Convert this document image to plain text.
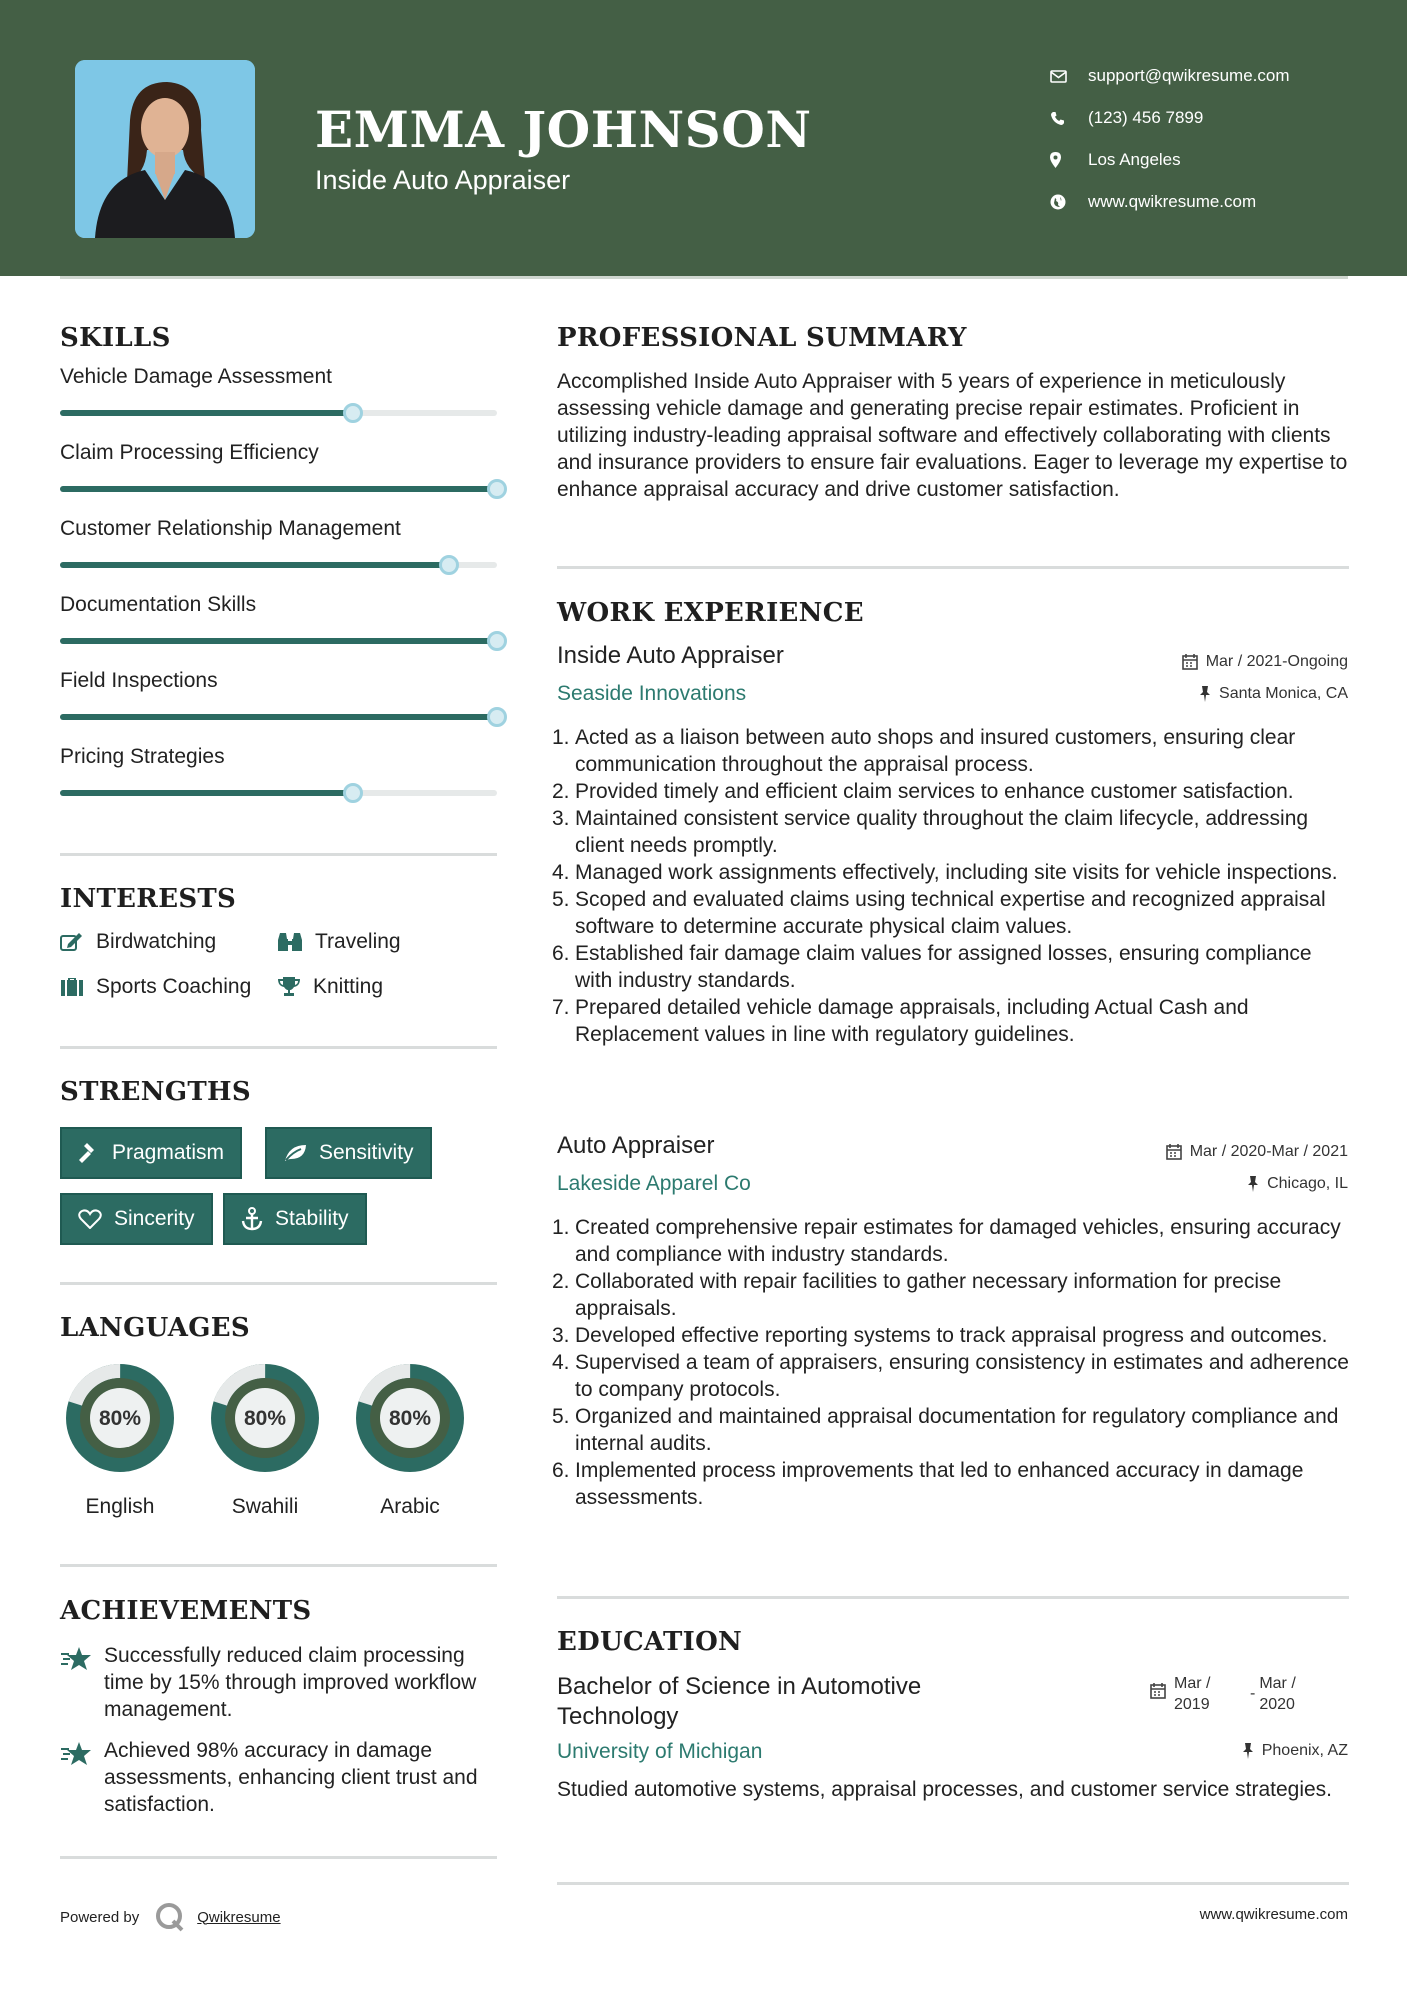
EMMA JOHNSON
Inside Auto Appraiser
support@qwikresume.com
(123) 456 7899
Los Angeles
www.qwikresume.com
SKILLS
Vehicle Damage Assessment
Claim Processing Efficiency
Customer Relationship Management
Documentation Skills
Field Inspections
Pricing Strategies
INTERESTS
Birdwatching	Traveling
Sports Coaching	Knitting
STRENGTHS
Pragmatism	Sensitivity
Sincerity	Stability
LANGUAGES
80%
English
80%
Swahili
80%
Arabic
ACHIEVEMENTS
Successfully reduced claim processing time by 15% through improved workflow management.
Achieved 98% accuracy in damage assessments, enhancing client trust and satisfaction.
Powered by	Qwikresume
PROFESSIONAL SUMMARY
Accomplished Inside Auto Appraiser with 5 years of experience in meticulously assessing vehicle damage and generating precise repair estimates. Proficient in utilizing industry-leading appraisal software and effectively collaborating with clients and insurance providers to ensure fair evaluations. Eager to leverage my expertise to enhance appraisal accuracy and drive customer satisfaction.
WORK EXPERIENCE
Inside Auto Appraiser	Mar / 2021-Ongoing
Seaside Innovations	Santa Monica, CA
1. Acted as a liaison between auto shops and insured customers, ensuring clear communication throughout the appraisal process.
2. Provided timely and efficient claim services to enhance customer satisfaction.
3. Maintained consistent service quality throughout the claim lifecycle, addressing client needs promptly.
4. Managed work assignments effectively, including site visits for vehicle inspections.
5. Scoped and evaluated claims using technical expertise and recognized appraisal software to determine accurate physical claim values.
6. Established fair damage claim values for assigned losses, ensuring compliance with industry standards.
7. Prepared detailed vehicle damage appraisals, including Actual Cash and Replacement values in line with regulatory guidelines.
Auto Appraiser	Mar / 2020-Mar / 2021
Lakeside Apparel Co	Chicago, IL
1. Created comprehensive repair estimates for damaged vehicles, ensuring accuracy and compliance with industry standards.
2. Collaborated with repair facilities to gather necessary information for precise appraisals.
3. Developed effective reporting systems to track appraisal progress and outcomes.
4. Supervised a team of appraisers, ensuring consistency in estimates and adherence to company protocols.
5. Organized and maintained appraisal documentation for regulatory compliance and internal audits.
6. Implemented process improvements that led to enhanced accuracy in damage assessments.
EDUCATION
Bachelor of Science in Automotive Technology
Mar / 2019
-
Mar / 2020
University of Michigan	Phoenix, AZ
Studied automotive systems, appraisal processes, and customer service strategies.
www.qwikresume.com
